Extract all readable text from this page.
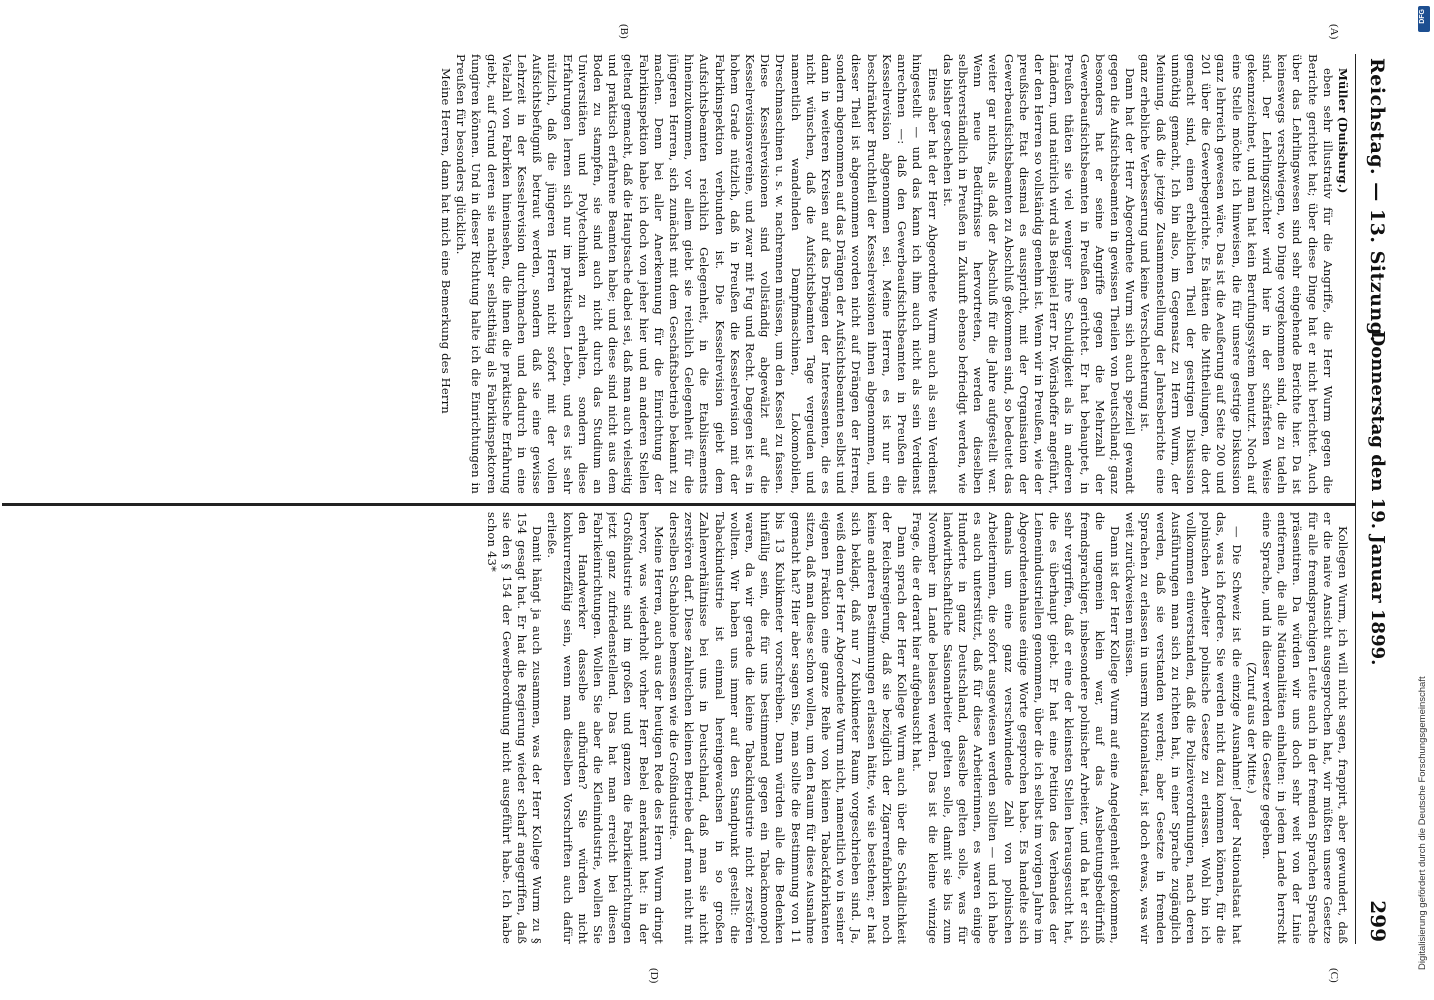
Reichstag. — 13. Sitzung.
Donnerstag den 19. Januar 1899.
299
(A)
(B)
(C)
(D)

Müller (Duisburg.)

eben sehr illustrativ für die Angriffe, die Herr Wurm gegen die Berichte gerichtet hat; über diese Dinge hat er nicht berichtet. Auch über das Lehrlingswesen sind sehr eingehende Berichte hier. Da ist keineswegs verschwiegen, wo Dinge vorgekommen sind, die zu tadeln sind. Der Lehrlingszüchter wird hier in der schärfsten Weise gekennzeichnet, und man hat kein Berufungssystem benutzt. Noch auf eine Stelle möchte ich hinweisen, die für unsere gestrige Diskussion ganz lehrreich gewesen wäre. Das ist die Aeußerung auf Seite 200 und 201 über die Gewerbegerichte. Es hätten die Mittheilungen, die dort gemacht sind, einen erheblichen Theil der gestrigen Diskussion unnöthig gemacht, Ich bin also, im Gegensatz zu Herrn Wurm, der Meinung, daß die jetzige Zusammenstellung der Jahresberichte eine ganz erhebliche Verbesserung und keine Verschlechterung ist.

Dann hat der Herr Abgeordnete Wurm sich auch speziell gewandt gegen die Aufsichtsbeamten in gewissen Theilen von Deutschland; ganz besonders hat er seine Angriffe gegen die Mehrzahl der Gewerbeaufsichtsbeamten in Preußen gerichtet. Er hat behauptet, in Preußen thäten sie viel weniger ihre Schuldigkeit als in anderen Ländern, und natürlich wird als Beispiel Herr Dr. Wörishoffer angeführt, der den Herren so vollständig genehm ist. Wenn wir in Preußen, wie der preußische Etat diesmal es ausspricht, mit der Organisation der Gewerbeaufsichtsbeamten zu Abschluß gekommen sind, so bedeutet das weiter gar nichts, als daß der Abschluß für die Jahre aufgestellt war. Wenn neue Bedürfnisse hervortreten, werden dieselben selbstverständlich in Preußen in Zukunft ebenso befriedigt werden, wie das bisher geschehen ist.

Eines aber hat der Herr Abgeordnete Wurm auch als sein Verdienst hingestellt — und das kann ich ihm auch nicht als sein Verdienst anrechnen —: daß den Gewerbeaufsichtsbeamten in Preußen die Kesselrevision abgenommen sei. Meine Herren, es ist nur ein beschränkter Bruchtheil der Kesselrevisionen ihnen abgenommen, und dieser Theil ist abgenommen worden nicht auf Drängen der Herren, sondern abgenommen auf das Drängen der Aufsichtsbeamten selbst und dann in weiteren Kreisen auf das Drängen der Interessenten, die es nicht wünschen, daß die Aufsichtsbeamten Tage vergeuden und namentlich wandelnden Dampfmaschinen, Lokomobilen, Dreschmaschinen u. s. w. nachrennen müssen, um den Kessel zu fassen. Diese Kesselrevisionen sind vollständig abgewälzt auf die Kesselrevisionsvereine, und zwar mit Fug und Recht. Dagegen ist es in hohem Grade nützlich, daß in Preußen die Kesselrevision mit der Fabrikinspektion verbunden ist. Die Kesselrevision giebt dem Aufsichtsbeamten reichlich Gelegenheit, in die Etablissements hineinzukommen, vor allem giebt sie reichlich Gelegenheit für die jüngeren Herren, sich zunächst mit dem Geschäftsbetrieb bekannt zu machen. Denn bei aller Anerkennung für die Einrichtung der Fabrikinspektion habe ich doch von jeher hier und an anderen Stellen geltend gemacht, daß die Hauptsache dabei sei, daß man auch vielseitig und praktisch erfahrene Beamten habe; und diese sind nicht aus dem Boden zu stampfen, sie sind auch nicht durch das Studium an Universitäten und Polytechniken zu erhalten, sondern diese Erfahrungen lernen sich nur im praktischen Leben, und es ist sehr nützlich, daß die jüngeren Herren nicht sofort mit der vollen Aufsichtsbefugniß betraut werden, sondern daß sie eine gewisse Lehrzeit in der Kesselrevision durchmachen und dadurch in eine Vielzahl von Fabriken hineinsehen, die ihnen die praktische Erfahrung giebt, auf Grund deren sie nachher selbstthätig als Fabrikinspektoren fungiren können. Und in dieser Richtung halte ich die Einrichtungen in Preußen für besonders glücklich.

Meine Herren, dann hat mich eine Bemerkung des Herrn

Kollegen Wurm, ich will nicht sagen, frappirt, aber gewundert, daß er die naive Ansicht ausgesprochen hat, wir müßten unsere Gesetze für alle fremdsprachigen Leute auch in der fremden Sprachen Sprache präsentiren. Da würden wir uns doch sehr weit von der Linie entfernen, die alle Nationalitäten einhalten: in jedem Lande herrscht eine Sprache, und in dieser werden die Gesetze gegeben.

(Zuruf aus der Mitte.)

— Die Schweiz ist die einzige Ausnahme! Jeder Nationalstaat hat das, was ich fordere. Sie werden nicht dazu kommen können, für die polnischen Arbeiter polnische Gesetze zu erlassen. Wohl bin ich vollkommen einverstanden, daß die Polizeiverordnungen, nach deren Ausführungen man sich zu richten hat, in einer Sprache zugänglich werden, daß sie verstanden werden; aber Gesetze in fremden Sprachen zu erlassen in unserm Nationalstaat, ist doch etwas, was wir weit zurückweisen müssen.

Dann ist der Herr Kollege Wurm auf eine Angelegenheit gekommen, die ungemein klein war, auf das Ausbeutungsbedürfniß fremdsprachiger, insbesondere polnischer Arbeiter, und da hat er sich sehr vergriffen, daß er eine der kleinsten Stellen herausgesucht hat, die es überhaupt giebt. Er hat eine Petition des Verbandes der Leinenindustriellen genommen, über die ich selbst im vorigen Jahre im Abgeordnetenhause einige Worte gesprochen habe. Es handelte sich damals um eine ganz verschwindende Zahl von polnischen Arbeiterinnen, die sofort ausgewiesen werden sollten — und ich habe es auch unterstützt, daß für diese Arbeiterinnen, es waren einige Hunderte in ganz Deutschland, dasselbe gelten solle, was für landwirthschaftliche Saisonarbeiter gelten solle, damit sie bis zum November im Lande belassen werden. Das ist die kleine winzige Frage, die er derart hier aufgebauscht hat.

Dann sprach der Herr Kollege Wurm auch über die Schädlichkeit der Reichsregierung, daß sie bezüglich der Zigarrenfabriken noch keine anderen Bestimmungen erlassen hätte, wie sie bestehen; er hat sich beklagt, daß nur 7 Kubikmeter Raum vorgeschrieben sind. Ja, weiß denn der Herr Abgeordnete Wurm nicht, namentlich wo in seiner eigenen Fraktion eine ganze Reihe von kleinen Tabackfabrikanten sitzen, daß man diese schon wollen, um den Raum für diese Ausnahme gemacht hat? Hier aber sagen Sie, man sollte die Bestimmung von 11 bis 13 Kubikmeter vorschreiben. Dann würden alle die Bedenken hinfällig sein, die für uns bestimmend gegen ein Tabackmonopol waren, da wir gerade die kleine Tabackindustrie nicht zerstören wollten. Wir haben uns immer auf den Standpunkt gestellt: die Tabackindustrie ist einmal hereingewachsen in so großen Zahlenverhältnisse bei uns in Deutschland, daß man sie nicht zerstören darf. Diese zahlreichen kleinen Betriebe darf man nicht mit derselben Schablone bemessen wie die Großindustrie.

Meine Herren, auch aus der heutigen Rede des Herrn Wurm dringt hervor, was wiederholt vorher Herr Bebel anerkannt hat: in der Großindustrie sind im großen und ganzen die Fabrikeinrichtungen jetzt ganz zufriedenstellend. Das hat man erreicht bei diesen Fabrikeinrichtungen. Wollen Sie aber die Kleinindustrie, wollen Sie den Handwerker dasselbe aufbürden? Sie würden nicht konkurrenzfähig sein, wenn man dieselben Vorschriften auch dafür erließe.

Damit hängt ja auch zusammen, was der Herr Kollege Wurm zu § 154 gesagt hat. Er hat die Regierung wieder scharf angegriffen, daß sie den § 154 der Gewerbeordnung nicht ausgeführt habe. Ich habe schon 43*

DFG
Digitalisierung gefördert durch die Deutsche Forschungsgemeinschaft
